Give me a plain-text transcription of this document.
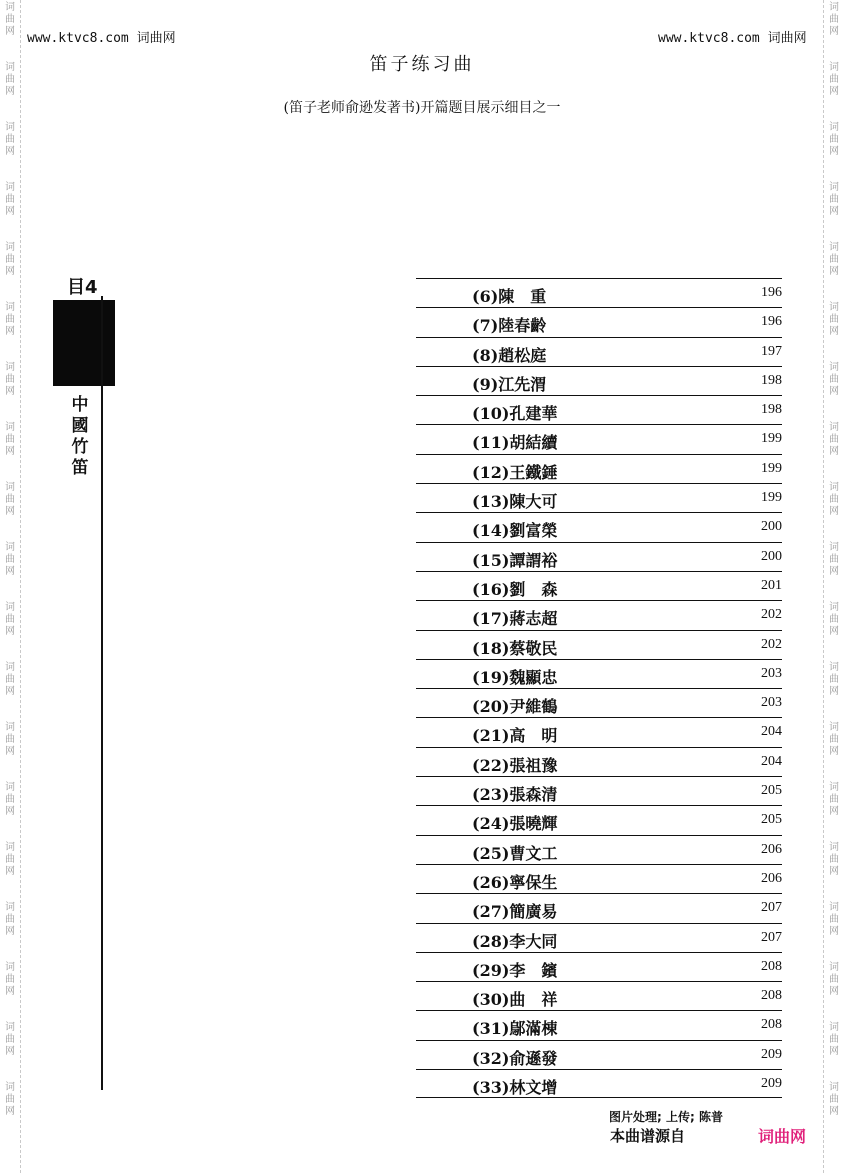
词曲网
词曲网
词曲网
词曲网
词曲网
词曲网
词曲网
词曲网
词曲网
词曲网
词曲网
词曲网
词曲网
词曲网
词曲网
词曲网
词曲网
词曲网
词曲网
词曲网
词曲网
词曲网
词曲网
词曲网
词曲网
词曲网
词曲网
词曲网
词曲网
词曲网
词曲网
词曲网
词曲网
词曲网
词曲网
词曲网
词曲网
词曲网
www.ktvc8.com 词曲网	www.ktvc8.com 词曲网
笛子练习曲
(笛子老师俞逊发著书)开篇题目展示细目之一
目4
中國竹笛
(6)陳　重	196
(7)陸春齡	196
(8)趙松庭	197
(9)江先渭	198
(10)孔建華	198
(11)胡結續	199
(12)王鐵錘	199
(13)陳大可	199
(14)劉富榮	200
(15)譚謂裕	200
(16)劉　森	201
(17)蔣志超	202
(18)蔡敬民	202
(19)魏顯忠	203
(20)尹維鶴	203
(21)高　明	204
(22)張祖豫	204
(23)張森清	205
(24)張曉輝	205
(25)曹文工	206
(26)寧保生	206
(27)簡廣易	207
(28)李大同	207
(29)李　鑌	208
(30)曲　祥	208
(31)鄔滿棟	208
(32)俞遜發	209
(33)林文增	209
图片处理; 上传; 陈普
本曲谱源自	词曲网
